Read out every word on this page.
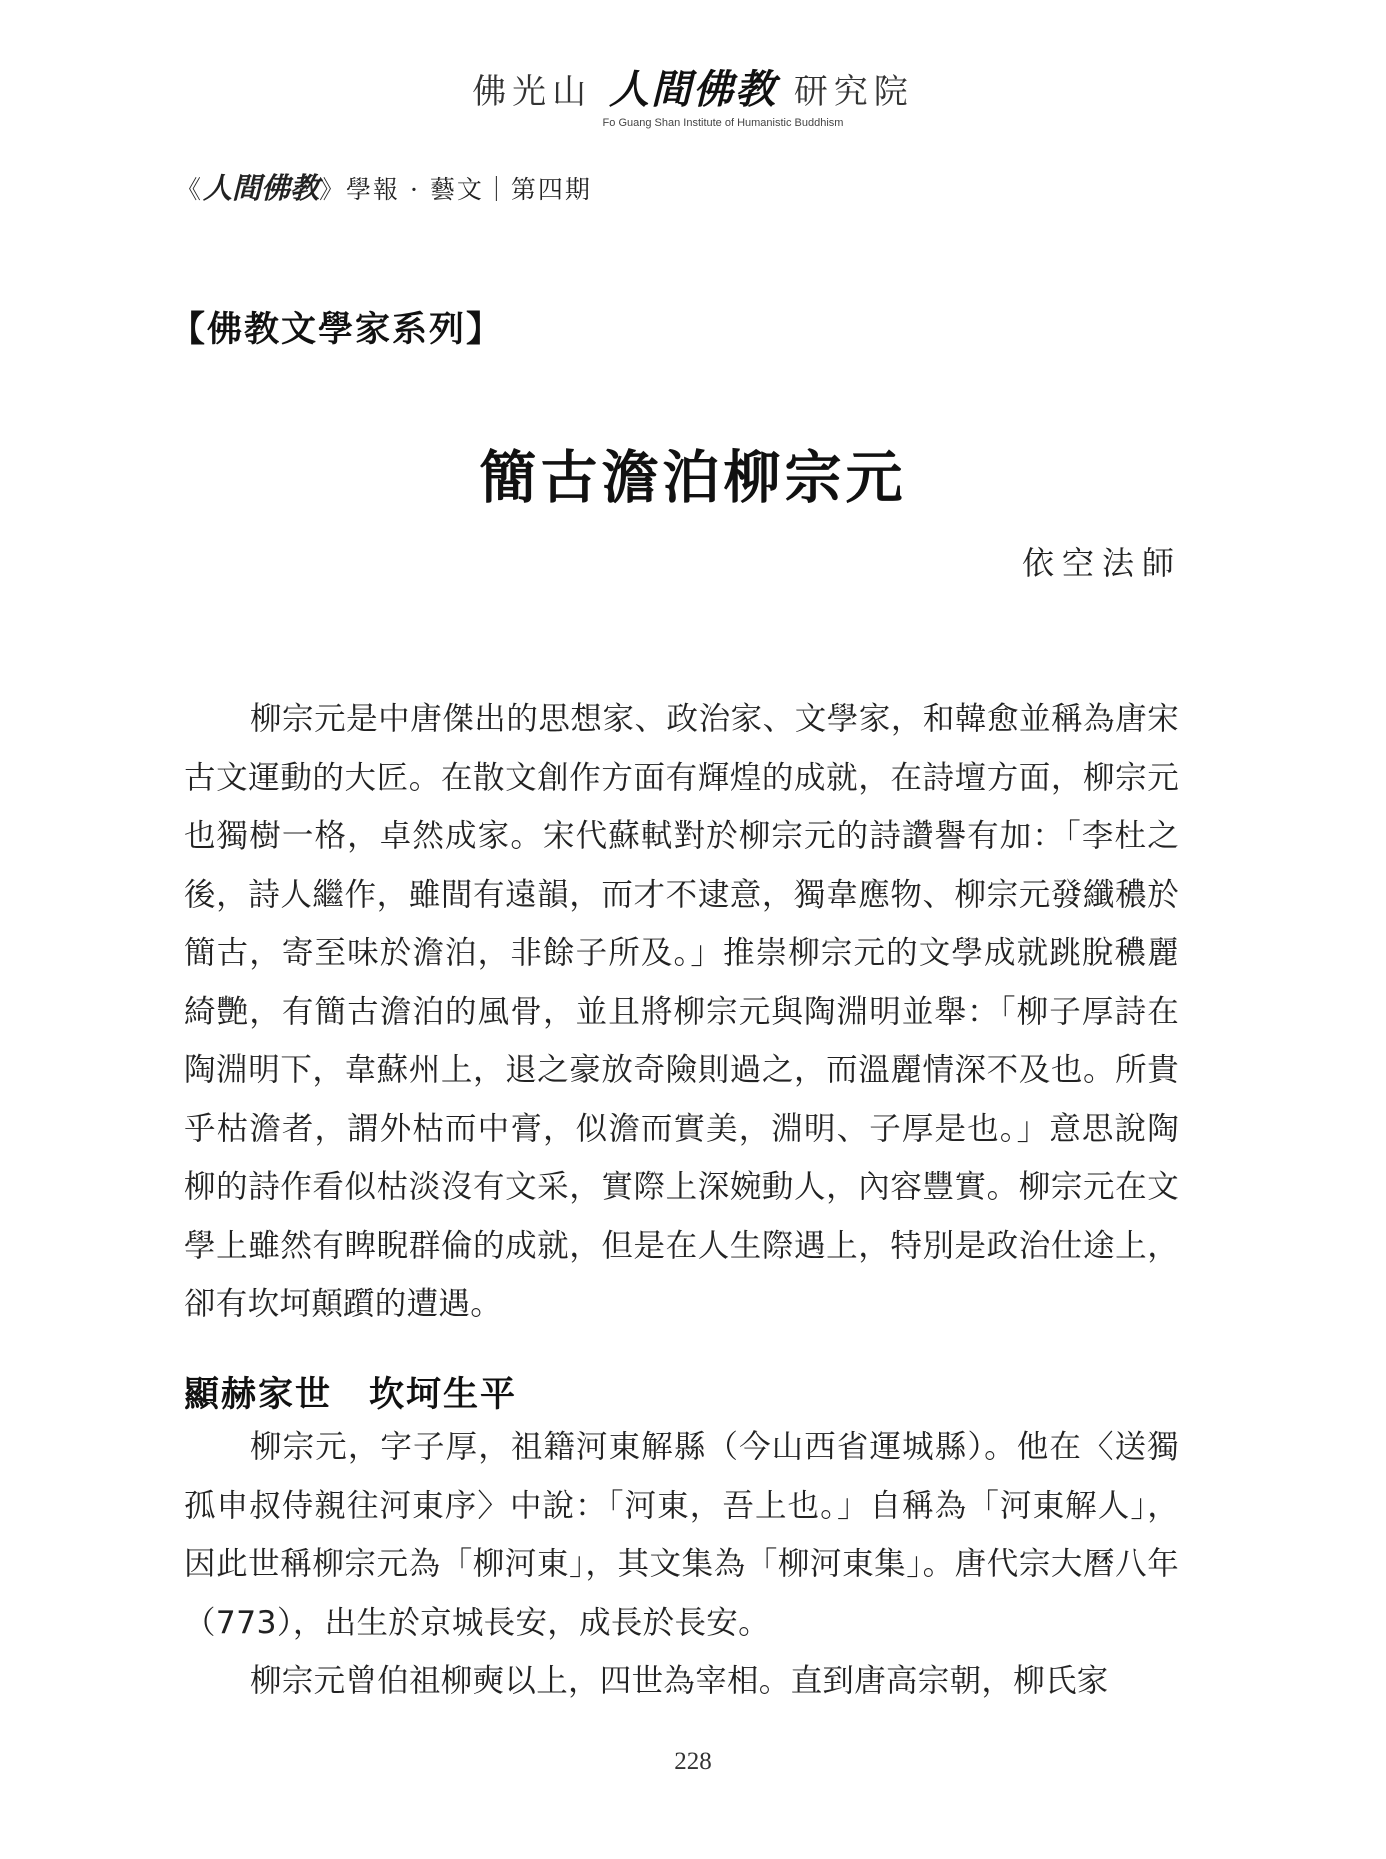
佛光山 人間佛教 研究院
Fo Guang Shan Institute of Humanistic Buddhism
《人間佛教》學報 · 藝文｜第四期
【佛教文學家系列】
簡古澹泊柳宗元
依空法師

柳宗元是中唐傑出的思想家、政治家、文學家，和韓愈並稱為唐宋古文運動的大匠。在散文創作方面有輝煌的成就，在詩壇方面，柳宗元也獨樹一格，卓然成家。宋代蘇軾對於柳宗元的詩讚譽有加：「李杜之後，詩人繼作，雖間有遠韻，而才不逮意，獨韋應物、柳宗元發纖穠於簡古，寄至味於澹泊，非餘子所及。」推崇柳宗元的文學成就跳脫穠麗綺艷，有簡古澹泊的風骨，並且將柳宗元與陶淵明並舉：「柳子厚詩在陶淵明下，韋蘇州上，退之豪放奇險則過之，而溫麗情深不及也。所貴乎枯澹者，謂外枯而中膏，似澹而實美，淵明、子厚是也。」意思說陶柳的詩作看似枯淡沒有文采，實際上深婉動人，內容豐實。柳宗元在文學上雖然有睥睨群倫的成就，但是在人生際遇上，特別是政治仕途上，卻有坎坷顛躓的遭遇。

顯赫家世　坎坷生平

柳宗元，字子厚，祖籍河東解縣（今山西省運城縣）。他在〈送獨孤申叔侍親往河東序〉中說：「河東，吾上也。」自稱為「河東解人」，因此世稱柳宗元為「柳河東」，其文集為「柳河東集」。唐代宗大曆八年（773），出生於京城長安，成長於長安。

柳宗元曾伯祖柳奭以上，四世為宰相。直到唐高宗朝，柳氏家

228
